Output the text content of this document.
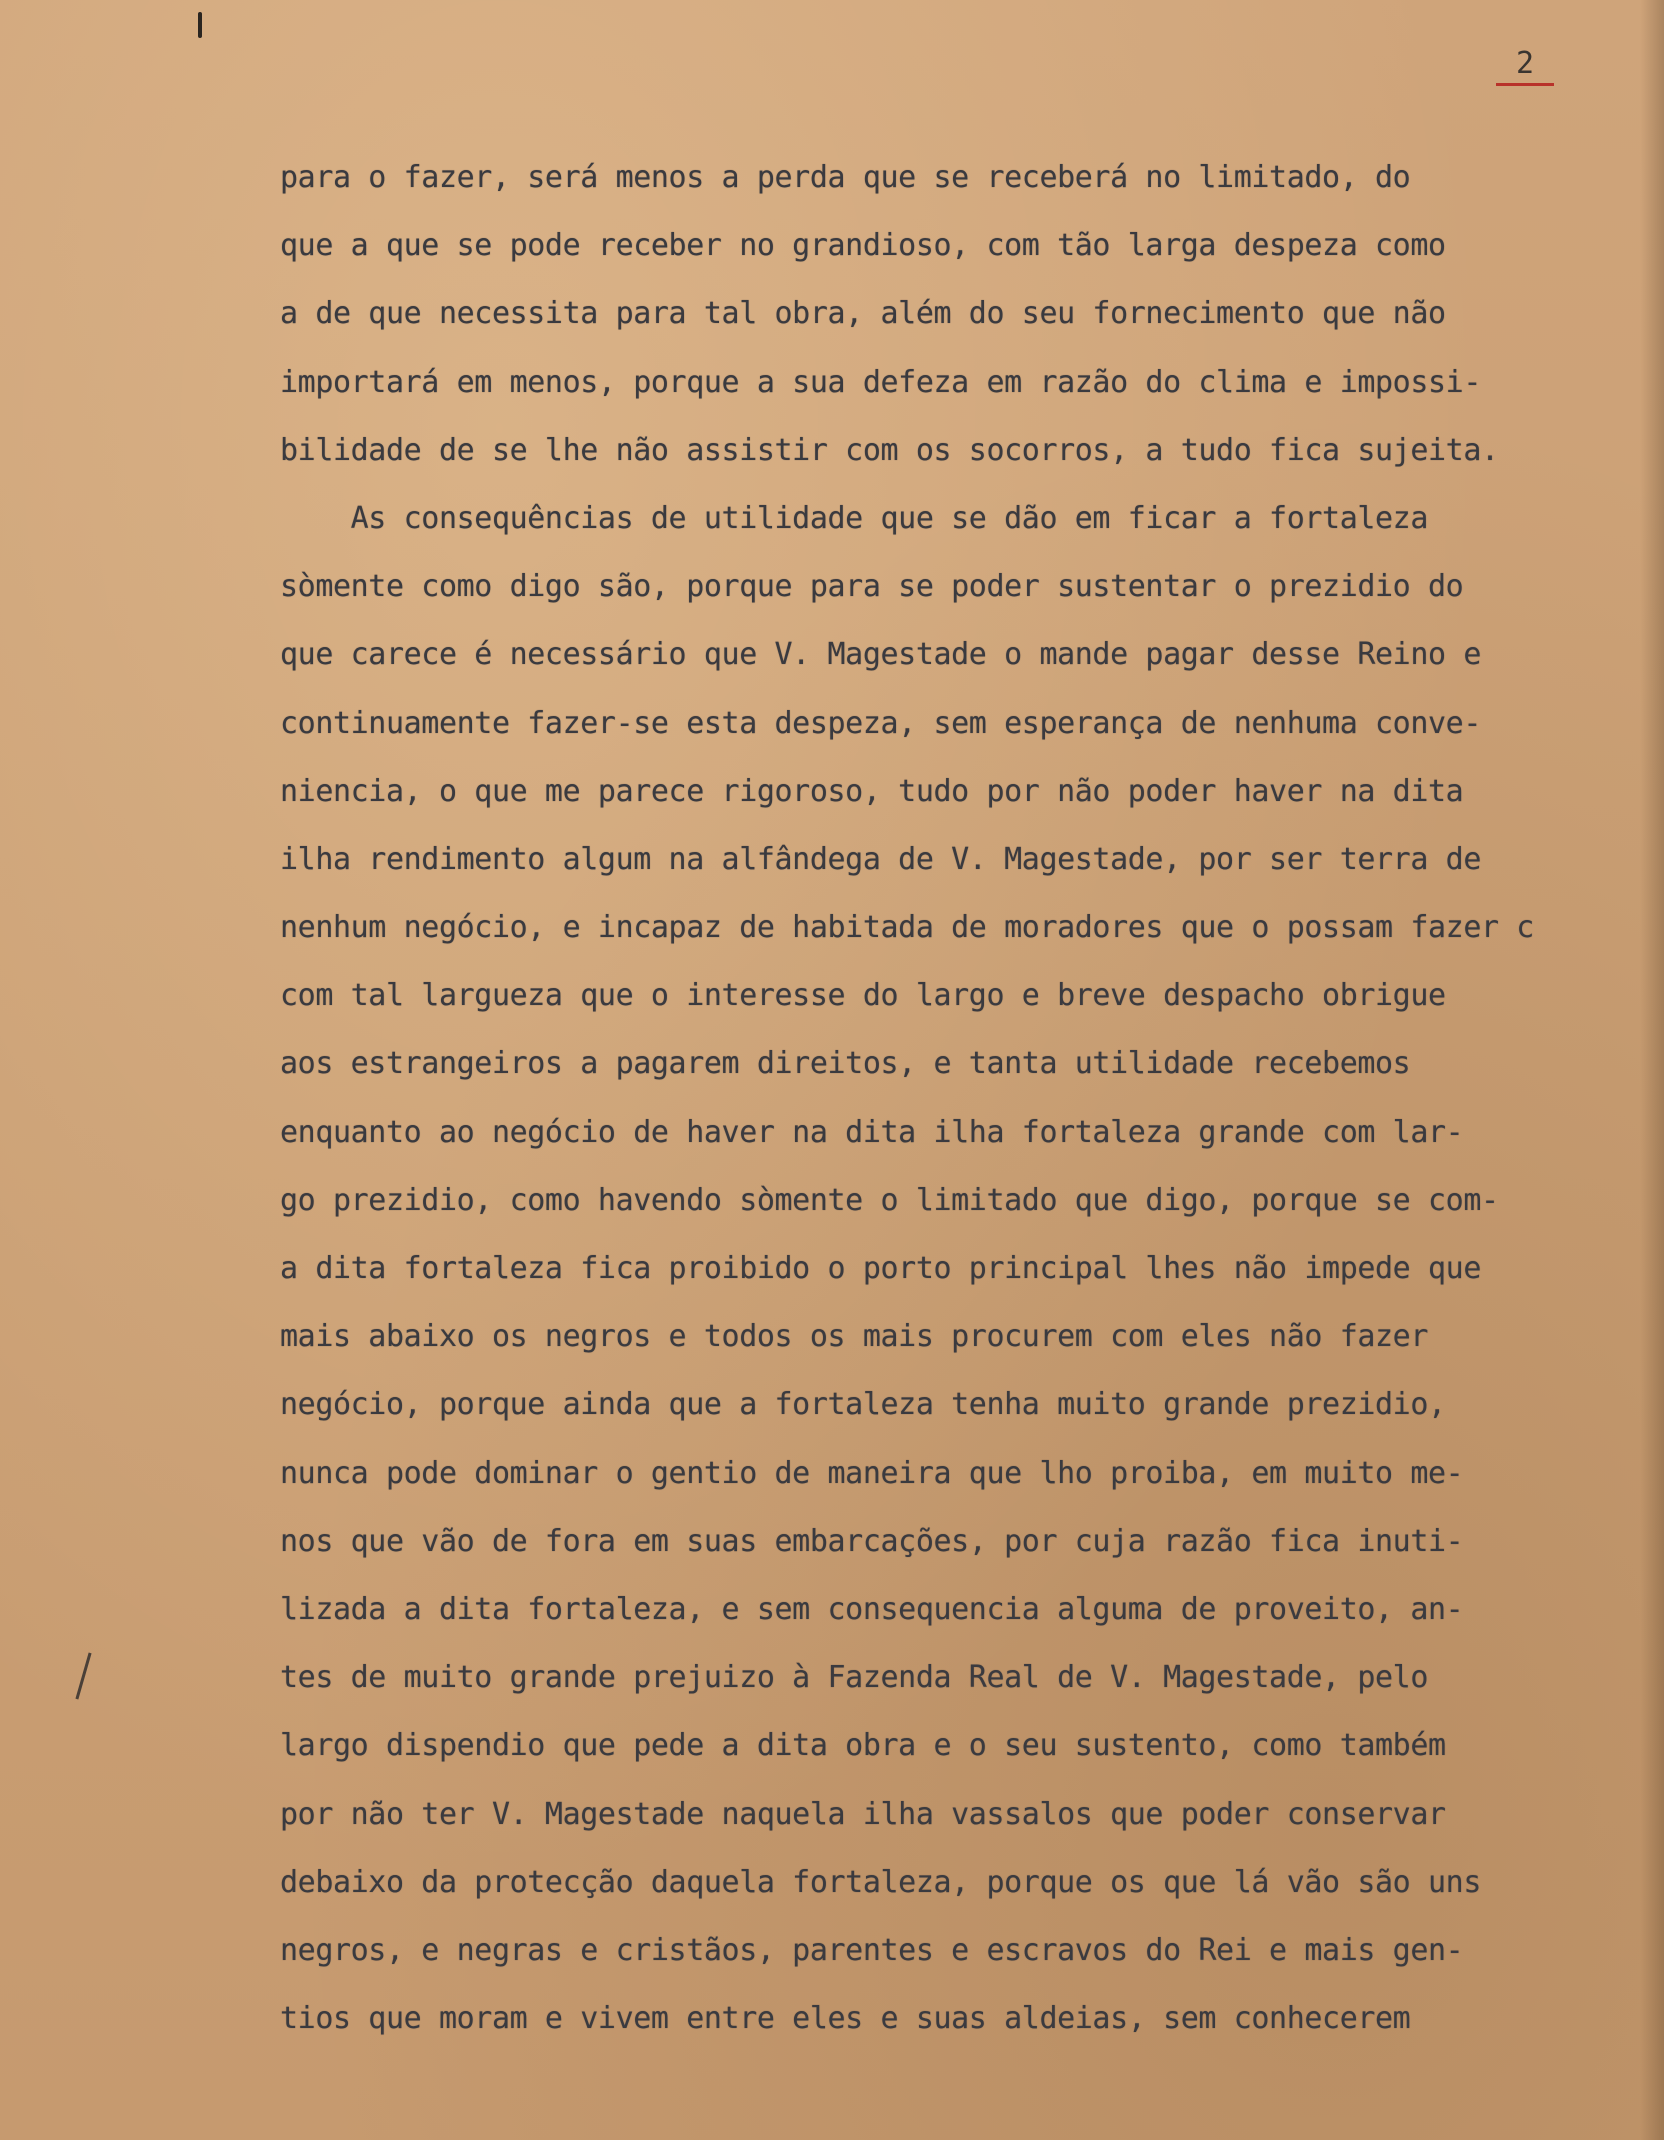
2
para o fazer, será menos a perda que se receberá no limitado, do
que a que se pode receber no grandioso, com tão larga despeza como
a de que necessita para tal obra, além do seu fornecimento que não
importará em menos, porque a sua defeza em razão do clima e impossi-
bilidade de se lhe não assistir com os socorros, a tudo fica sujeita.
As consequências de utilidade que se dão em ficar a fortaleza
sòmente como digo são, porque para se poder sustentar o prezidio do
que carece é necessário que V. Magestade o mande pagar desse Reino e
continuamente fazer-se esta despeza, sem esperança de nenhuma conve-
niencia, o que me parece rigoroso, tudo por não poder haver na dita
ilha rendimento algum na alfândega de V. Magestade, por ser terra de
nenhum negócio, e incapaz de habitada de moradores que o possam fazer c
com tal largueza que o interesse do largo e breve despacho obrigue
aos estrangeiros a pagarem direitos, e tanta utilidade recebemos
enquanto ao negócio de haver na dita ilha fortaleza grande com lar-
go prezidio, como havendo sòmente o limitado que digo, porque se com-
a dita fortaleza fica proibido o porto principal lhes não impede que
mais abaixo os negros e todos os mais procurem com eles não fazer
negócio, porque ainda que a fortaleza tenha muito grande prezidio,
nunca pode dominar o gentio de maneira que lho proiba, em muito me-
nos que vão de fora em suas embarcações, por cuja razão fica inuti-
lizada a dita fortaleza, e sem consequencia alguma de proveito, an-
tes de muito grande prejuizo à Fazenda Real de V. Magestade, pelo
largo dispendio que pede a dita obra e o seu sustento, como também
por não ter V. Magestade naquela ilha vassalos que poder conservar
debaixo da protecção daquela fortaleza, porque os que lá vão são uns
negros, e negras e cristãos, parentes e escravos do Rei e mais gen-
tios que moram e vivem entre eles e suas aldeias, sem conhecerem
